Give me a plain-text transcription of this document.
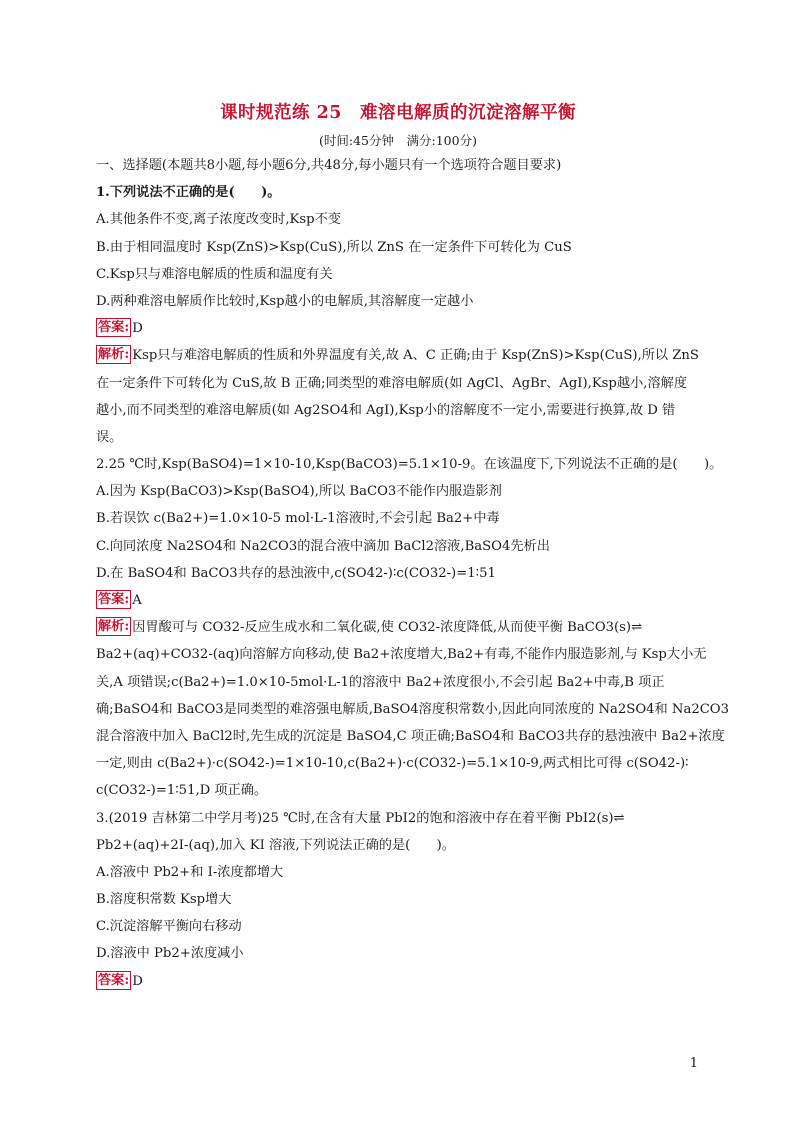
课时规范练 25　难溶电解质的沉淀溶解平衡
(时间:45分钟　满分:100分)
一、选择题(本题共8小题,每小题6分,共48分,每小题只有一个选项符合题目要求)
1.下列说法不正确的是(　　)。
A.其他条件不变,离子浓度改变时,Ksp不变
B.由于相同温度时 Ksp(ZnS)>Ksp(CuS),所以 ZnS 在一定条件下可转化为 CuS
C.Ksp只与难溶电解质的性质和温度有关
D.两种难溶电解质作比较时,Ksp越小的电解质,其溶解度一定越小
答案: D
解析: Ksp只与难溶电解质的性质和外界温度有关,故 A、C 正确;由于 Ksp(ZnS)>Ksp(CuS),所以 ZnS
在一定条件下可转化为 CuS,故 B 正确;同类型的难溶电解质(如 AgCl、AgBr、AgI),Ksp越小,溶解度
越小,而不同类型的难溶电解质(如 Ag2SO4和 AgI),Ksp小的溶解度不一定小,需要进行换算,故 D 错
误。
2.25 ℃时,Ksp(BaSO4)=1×10-10,Ksp(BaCO3)=5.1×10-9。在该温度下,下列说法不正确的是(　　)。
A.因为 Ksp(BaCO3)>Ksp(BaSO4),所以 BaCO3不能作内服造影剂
B.若误饮 c(Ba2+)=1.0×10-5 mol·L-1溶液时,不会引起 Ba2+中毒
C.向同浓度 Na2SO4和 Na2CO3的混合液中滴加 BaCl2溶液,BaSO4先析出
D.在 BaSO4和 BaCO3共存的悬浊液中,c(SO42-)∶c(CO32-)=1∶51
答案: A
解析: 因胃酸可与 CO32-反应生成水和二氧化碳,使 CO32-浓度降低,从而使平衡 BaCO3(s)⇌
Ba2+(aq)+CO32-(aq)向溶解方向移动,使 Ba2+浓度增大,Ba2+有毒,不能作内服造影剂,与 Ksp大小无
关,A 项错误;c(Ba2+)=1.0×10-5mol·L-1的溶液中 Ba2+浓度很小,不会引起 Ba2+中毒,B 项正
确;BaSO4和 BaCO3是同类型的难溶强电解质,BaSO4溶度积常数小,因此向同浓度的 Na2SO4和 Na2CO3
混合溶液中加入 BaCl2时,先生成的沉淀是 BaSO4,C 项正确;BaSO4和 BaCO3共存的悬浊液中 Ba2+浓度
一定,则由 c(Ba2+)·c(SO42-)=1×10-10,c(Ba2+)·c(CO32-)=5.1×10-9,两式相比可得 c(SO42-)∶
c(CO32-)=1∶51,D 项正确。
3.(2019 吉林第二中学月考)25 ℃时,在含有大量 PbI2的饱和溶液中存在着平衡 PbI2(s)⇌
Pb2+(aq)+2I-(aq),加入 KI 溶液,下列说法正确的是(　　)。
A.溶液中 Pb2+和 I-浓度都增大
B.溶度积常数 Ksp增大
C.沉淀溶解平衡向右移动
D.溶液中 Pb2+浓度减小
答案: D
1
